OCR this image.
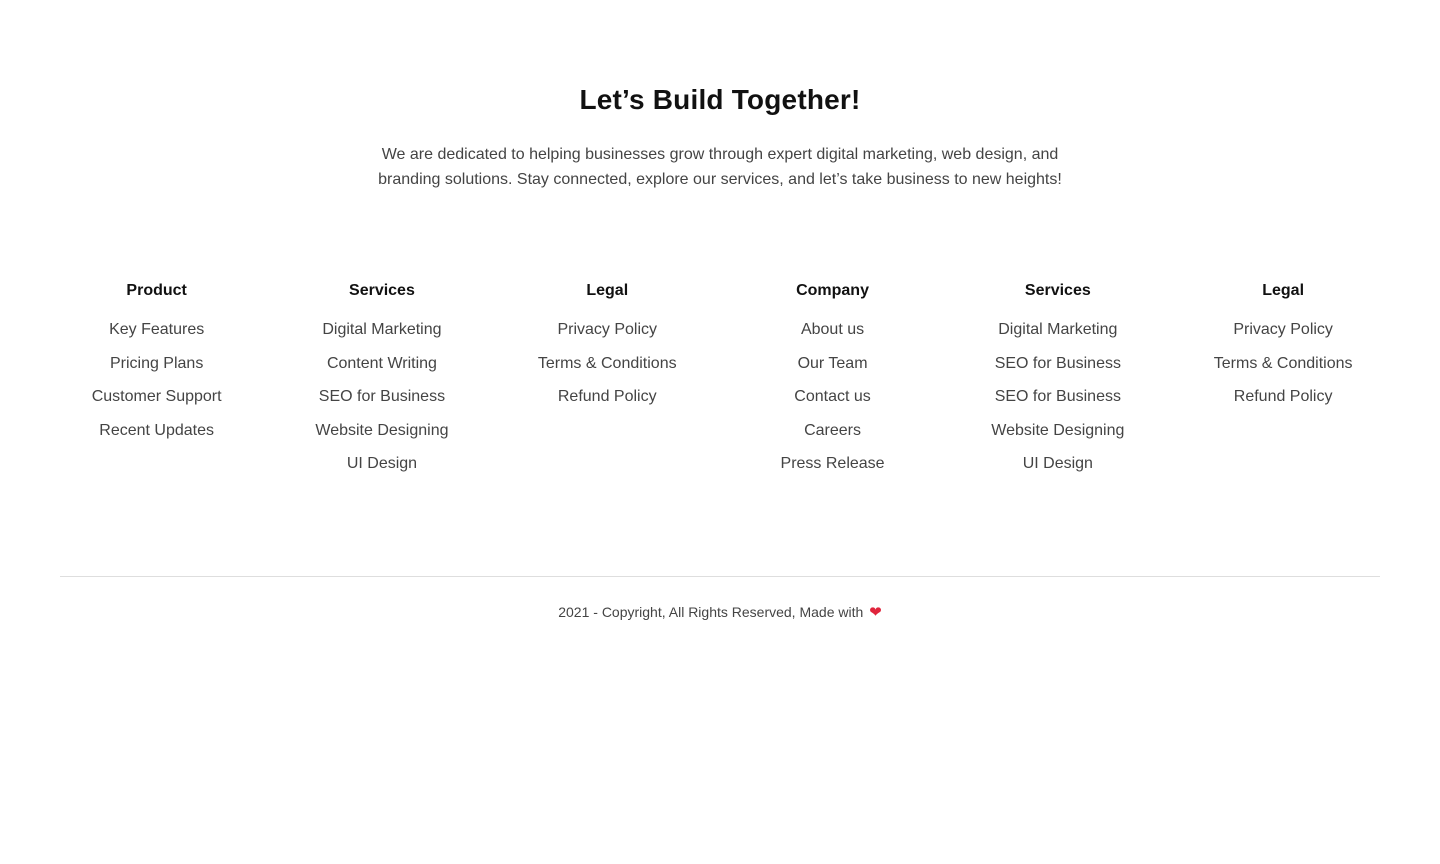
Let’s Build Together!

We are dedicated to helping businesses grow through expert digital marketing, web design, and branding solutions. Stay connected, explore our services, and let’s take business to new heights!

Product
Key Features
Pricing Plans
Customer Support
Recent Updates
Services
Digital Marketing
Content Writing
SEO for Business
Website Designing
UI Design
Legal
Privacy Policy
Terms & Conditions
Refund Policy
Company
About us
Our Team
Contact us
Careers
Press Release
Services
Digital Marketing
SEO for Business
SEO for Business
Website Designing
UI Design
Legal
Privacy Policy
Terms & Conditions
Refund Policy
2021 - Copyright, All Rights Reserved, Made with ❤
